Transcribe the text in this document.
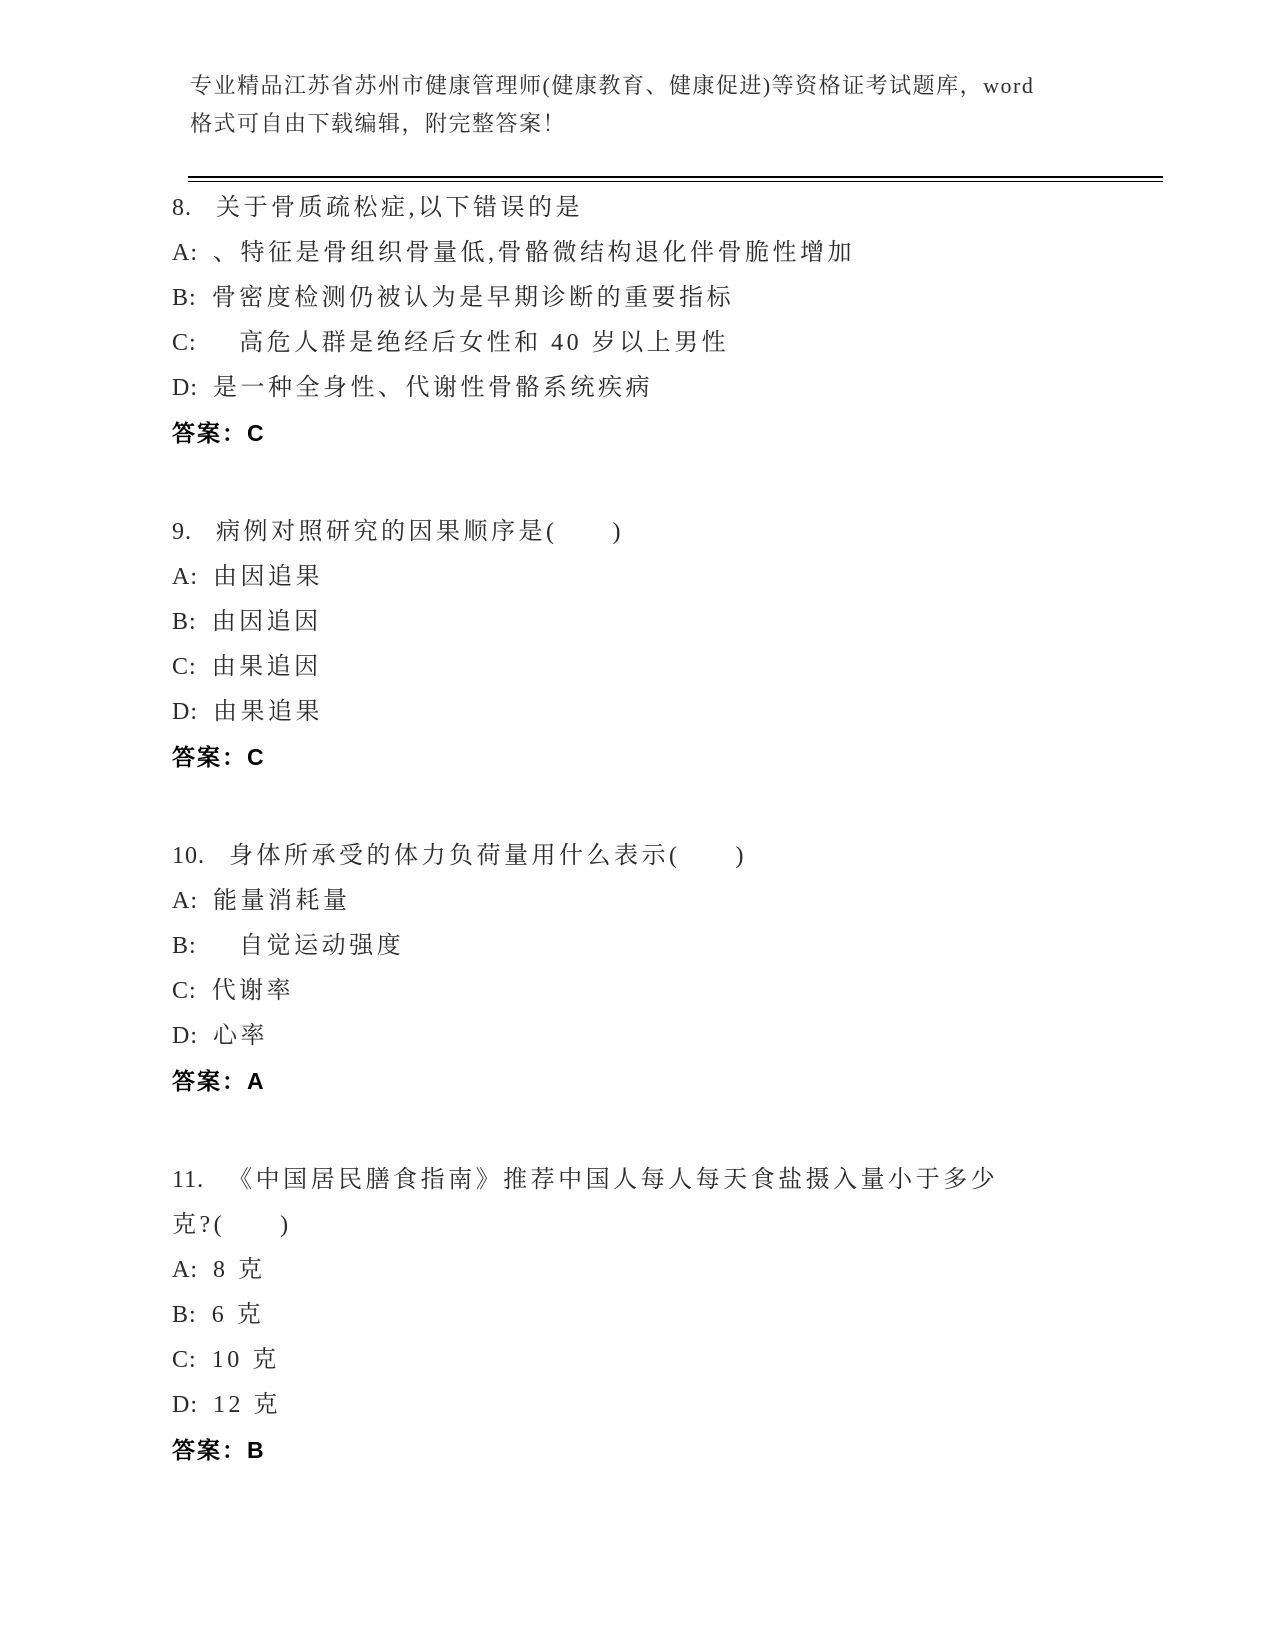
专业精品江苏省苏州市健康管理师(健康教育、健康促进)等资格证考试题库，word
格式可自由下载编辑，附完整答案！
8. 关于骨质疏松症,以下错误的是
A: 、特征是骨组织骨量低,骨骼微结构退化伴骨脆性增加
B: 骨密度检测仍被认为是早期诊断的重要指标
C:　高危人群是绝经后女性和 40 岁以上男性
D: 是一种全身性、代谢性骨骼系统疾病
答案：C
9. 病例对照研究的因果顺序是(　　)
A: 由因追果
B: 由因追因
C: 由果追因
D: 由果追果
答案：C
10. 身体所承受的体力负荷量用什么表示(　　)
A: 能量消耗量
B:　自觉运动强度
C: 代谢率
D: 心率
答案：A
11. 《中国居民膳食指南》推荐中国人每人每天食盐摄入量小于多少
克?(　　)
A: 8 克
B: 6 克
C: 10 克
D: 12 克
答案：B
